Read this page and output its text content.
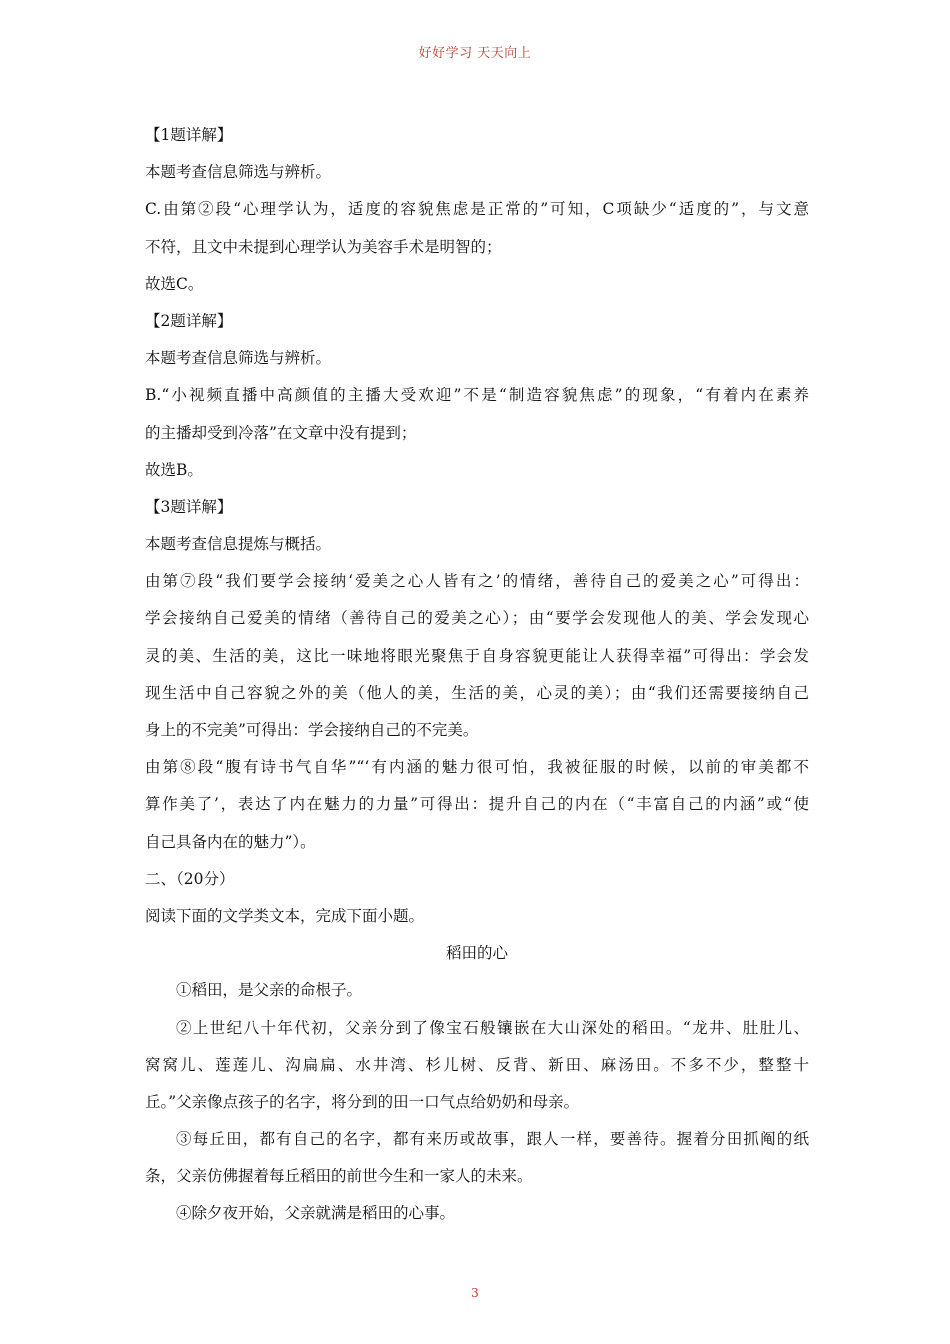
好好学习 天天向上
【1题详解】
本题考查信息筛选与辨析。
C.由第②段“心理学认为，适度的容貌焦虑是正常的”可知，C项缺少“适度的”，与文意
不符，且文中未提到心理学认为美容手术是明智的；
故选C。
【2题详解】
本题考查信息筛选与辨析。
B.“小视频直播中高颜值的主播大受欢迎”不是“制造容貌焦虑”的现象，“有着内在素养
的主播却受到冷落”在文章中没有提到；
故选B。
【3题详解】
本题考查信息提炼与概括。
由第⑦段“我们要学会接纳‘爱美之心人皆有之’的情绪，善待自己的爱美之心”可得出：
学会接纳自己爱美的情绪（善待自己的爱美之心）；由“要学会发现他人的美、学会发现心
灵的美、生活的美，这比一味地将眼光聚焦于自身容貌更能让人获得幸福”可得出：学会发
现生活中自己容貌之外的美（他人的美，生活的美，心灵的美）；由“我们还需要接纳自己
身上的不完美”可得出：学会接纳自己的不完美。
由第⑧段“腹有诗书气自华”“‘有内涵的魅力很可怕，我被征服的时候，以前的审美都不
算作美了’，表达了内在魅力的力量”可得出：提升自己的内在（“丰富自己的内涵”或“使
自己具备内在的魅力”）。
二、（20分）
阅读下面的文学类文本，完成下面小题。
稻田的心
①稻田，是父亲的命根子。
②上世纪八十年代初，父亲分到了像宝石般镶嵌在大山深处的稻田。“龙井、肚肚儿、
窝窝儿、莲莲儿、沟扁扁、水井湾、杉儿树、反背、新田、麻汤田。不多不少，整整十
丘。”父亲像点孩子的名字，将分到的田一口气点给奶奶和母亲。
③每丘田，都有自己的名字，都有来历或故事，跟人一样，要善待。握着分田抓阄的纸
条，父亲仿佛握着每丘稻田的前世今生和一家人的未来。
④除夕夜开始，父亲就满是稻田的心事。
3
